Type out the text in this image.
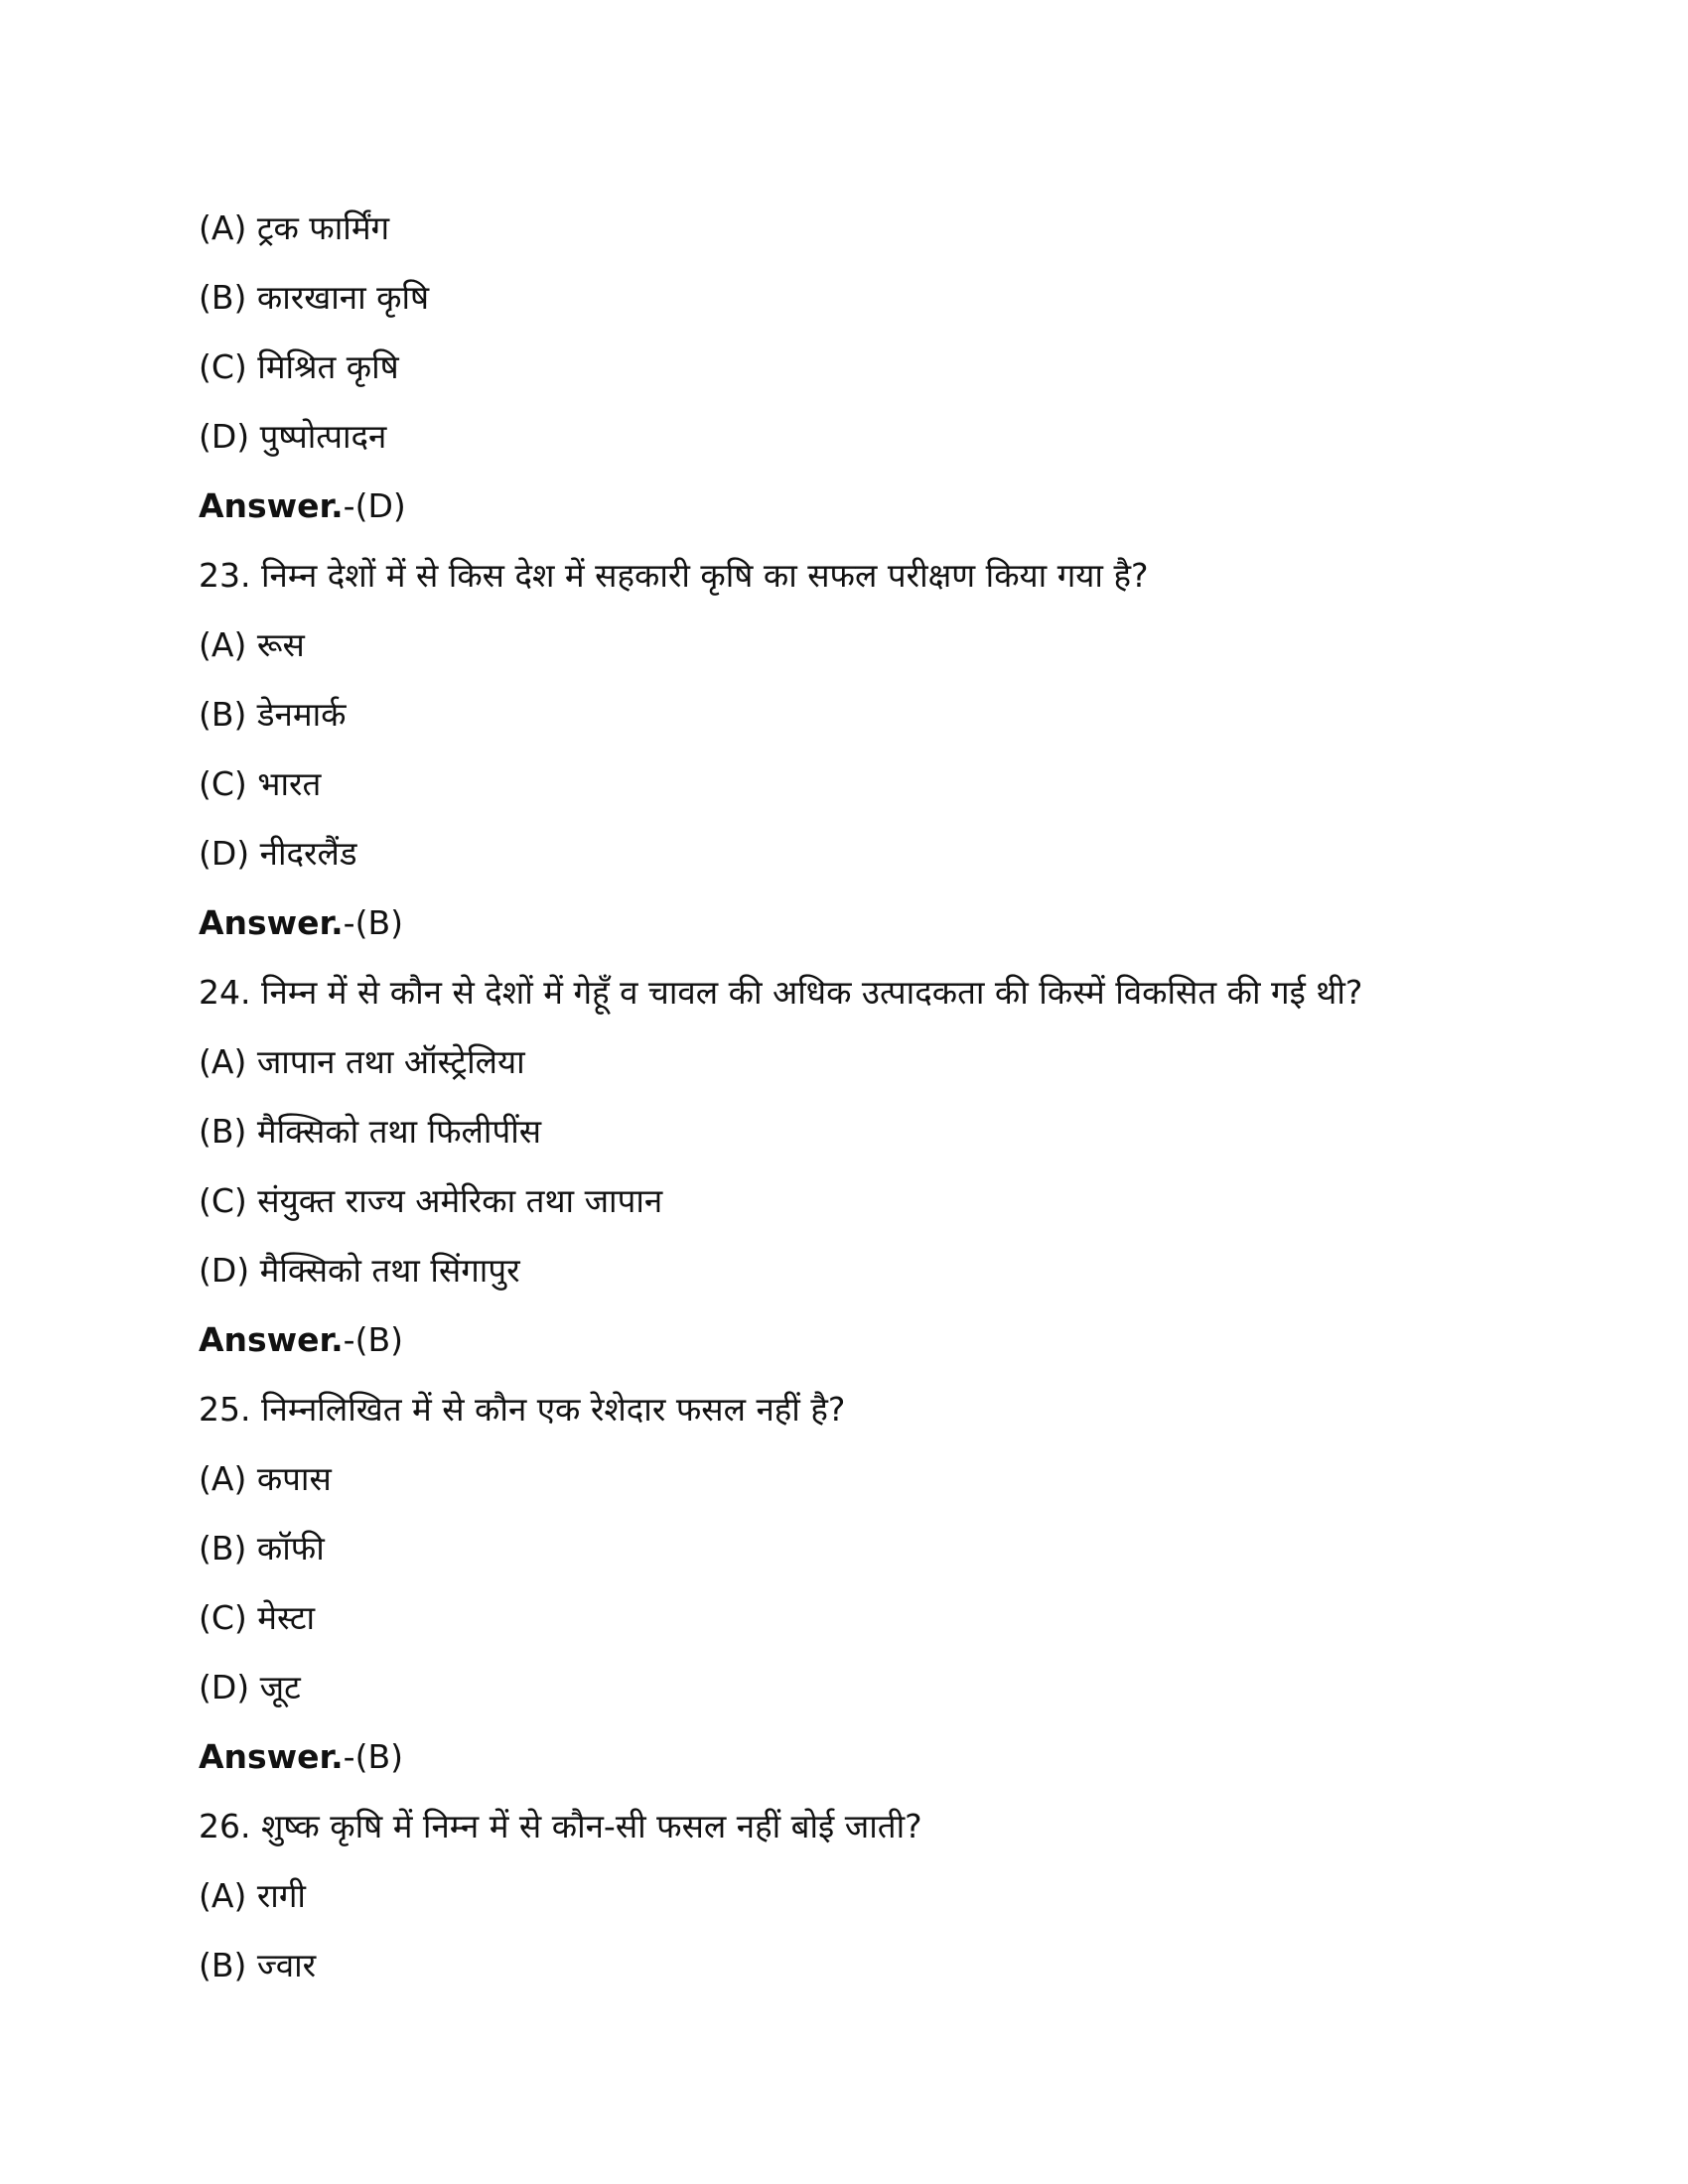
(A) ट्रक फार्मिंग
(B) कारखाना कृषि
(C) मिश्रित कृषि
(D) पुष्पोत्पादन
Answer.-(D)
23. निम्न देशों में से किस देश में सहकारी कृषि का सफल परीक्षण किया गया है?
(A) रूस
(B) डेनमार्क
(C) भारत
(D) नीदरलैंड
Answer.-(B)
24. निम्न में से कौन से देशों में गेहूँ व चावल की अधिक उत्पादकता की किस्में विकसित की गई थी?
(A) जापान तथा ऑस्ट्रेलिया
(B) मैक्सिको तथा फिलीपींस
(C) संयुक्त राज्य अमेरिका तथा जापान
(D) मैक्सिको तथा सिंगापुर
Answer.-(B)
25. निम्नलिखित में से कौन एक रेशेदार फसल नहीं है?
(A) कपास
(B) कॉफी
(C) मेस्टा
(D) जूट
Answer.-(B)
26. शुष्क कृषि में निम्न में से कौन-सी फसल नहीं बोई जाती?
(A) रागी
(B) ज्वार
